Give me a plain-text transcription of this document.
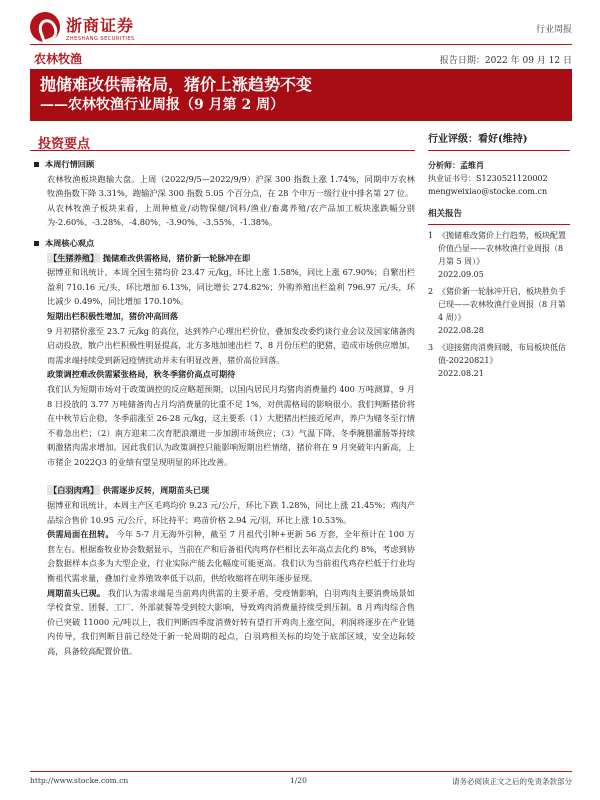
浙商证券
ZHESHANG SECURITIES
行业周报
农林牧渔	报告日期：2022 年 09 月 12 日
抛储难改供需格局，猪价上涨趋势不变
——农林牧渔行业周报（9 月第 2 周）
投资要点
本周行情回顾

农林牧渔板块跑输大盘。上周（2022/9/5—2022/9/9）沪深 300 指数上涨 1.74%，同期申万农林牧渔指数下降 3.31%，跑输沪深 300 指数 5.05 个百分点，在 28 个申万一级行业中排名第 27 位。

从农林牧渔子板块来看，上周种植业/动物保健/饲料/渔业/畜禽养殖/农产品加工板块涨跌幅分别为-2.60%、-3.28%、-4.80%、-3.90%、-3.55%、-1.38%。

本周核心观点

【生猪养殖】 抛储难改供需格局，猪价新一轮脉冲在即

据博亚和讯统计，本周全国生猪均价 23.47 元/kg，环比上涨 1.58%，同比上涨 67.90%；自繁出栏盈利 710.16 元/头，环比增加 6.13%，同比增长 274.82%；外购养殖出栏盈利 796.97 元/头，环比减少 0.49%，同比增加 170.10%。

短期出栏积极性增加，猪价冲高回落

9 月初猪价涨至 23.7 元/kg 的高位，达到养户心理出栏价位，叠加发改委约谈行业会议及国家储备肉启动投放，散户出栏积极性明显提高，北方多地加速出栏 7、8 月份压栏的肥猪，造成市场供应增加，而需求端持续受到新冠疫情扰动并未有明显改善，猪价高位回落。

政策调控难改供需紧张格局，秋冬季猪价高点可期待

我们认为短期市场对于政策调控的反应略超预期，以国内居民月均猪肉消费量约 400 万吨测算，9 月 8 日投放的 3.77 万吨储备肉占月均消费量的比重不足 1%，对供需格局的影响很小。我们判断猪价将在中秋节后企稳，冬季前涨至 26-28 元/kg，这主要系（1）大肥猪出栏接近尾声，养户为赌冬至行情不着急出栏；（2）南方迎来二次育肥浪潮进一步加剧市场供应；（3）气温下降、冬季腌腊灌肠等持续刺激猪肉需求增加。因此我们认为政策调控只能影响短期出栏情绪，猪价将在 9 月突破年内新高，上市猪企 2022Q3 的业绩有望呈现明显的环比改善。

【白羽肉鸡】 供需逐步反转，周期苗头已现

据博亚和讯统计，本周主产区毛鸡均价 9.23 元/公斤，环比下跌 1.28%，同比上涨 21.45%；鸡肉产品综合售价 10.95 元/公斤，环比持平；鸡苗价格 2.94 元/羽，环比上涨 10.53%。

供需局面在扭转。 今年 5-7 月无海外引种，截至 7 月祖代引种+更新 56 万套，全年预计在 100 万套左右。根据畜牧业协会数据显示，当前在产和后备祖代肉鸡存栏相比去年高点去化约 8%，考虑到协会数据样本点多为大型企业，行业实际产能去化幅度可能更高。我们认为当前祖代鸡存栏低于行业均衡祖代需求量，叠加行业养殖效率低于以前，供给收缩将在明年逐步显现。

周期苗头已现。 我们认为需求端是当前鸡肉供需的主要矛盾，受疫情影响，白羽鸡肉主要消费场景如学校食堂、团餐、工厂、外部就餐等受到较大影响，导致鸡肉消费量持续受到压制。8 月鸡肉综合售价已突破 11000 元/吨以上，我们判断四季度消费好转有望打开鸡肉上涨空间，利润将逐步在产业链内传导，我们判断目前已经处于新一轮周期的起点，白羽鸡相关标的均处于底部区域，安全边际较高，具备较高配置价值。

行业评级：看好(维持)
分析师：孟维肖
执业证书号：S1230521120002
mengweixiao@stocke.com.cn
相关报告
1 《抛储难改猪价上行趋势，板块配置价值凸显——农林牧渔行业周报（8 月第 5 周）》
2022.09.05
2 《猪价新一轮脉冲开启，板块胜负手已现——农林牧渔行业周报（8 月第 4 周）》
2022.08.28
3 《迎接猪肉消费回暖，布局板块低估值-20220821》
2022.08.21
http://www.stocke.com.cn	1/20	请务必阅读正文之后的免责条款部分
